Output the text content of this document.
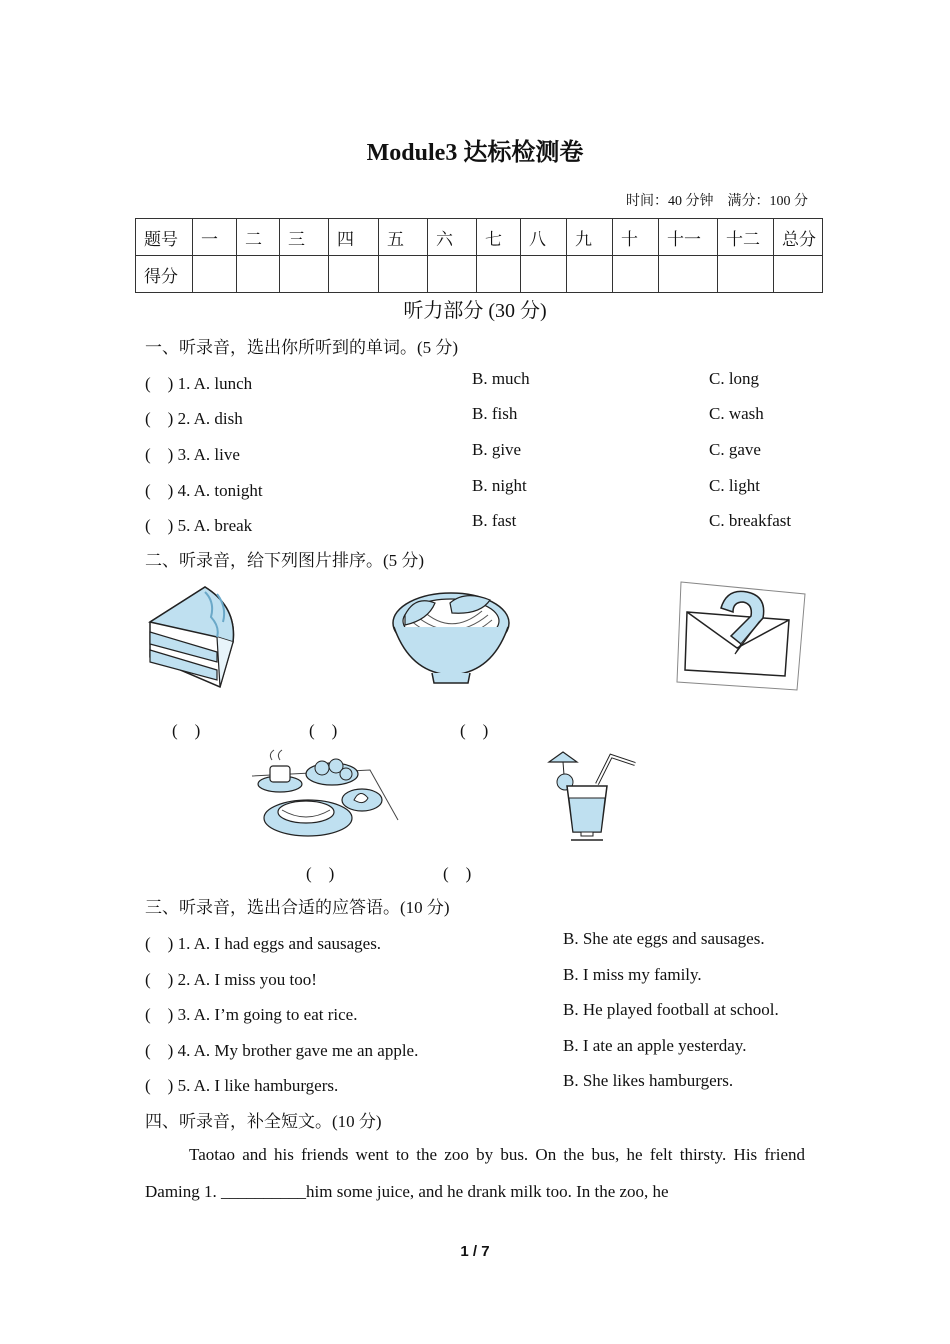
Module3 达标检测卷
时间：40 分钟　满分：100 分
题号	一	二	三	四	五	六	七	八	九	十	十一	十二	总分
得分													
听力部分 (30 分)
一、听录音，选出你所听到的单词。(5 分)
(　) 1. A. lunch	B. much	C. long
(　) 2. A. dish	B. fish	C. wash
(　) 3. A. live	B. give	C. gave
(　) 4. A. tonight	B. night	C. light
(　) 5. A. break	B. fast	C. breakfast
二、听录音，给下列图片排序。(5 分)
(　)	(　)	(　)
(　)	(　)
三、听录音，选出合适的应答语。(10 分)
(　) 1. A. I had eggs and sausages.	B. She ate eggs and sausages.
(　) 2. A. I miss you too!	B. I miss my family.
(　) 3. A. I’m going to eat rice.	B. He played football at school.
(　) 4. A. My brother gave me an apple.	B. I ate an apple yesterday.
(　) 5. A. I like hamburgers.	B. She likes hamburgers.
四、听录音，补全短文。(10 分)
Taotao and his friends went to the zoo by bus. On the bus, he felt thirsty. His friend Daming 1. __________him some juice, and he drank milk too. In the zoo, he
1 / 7
